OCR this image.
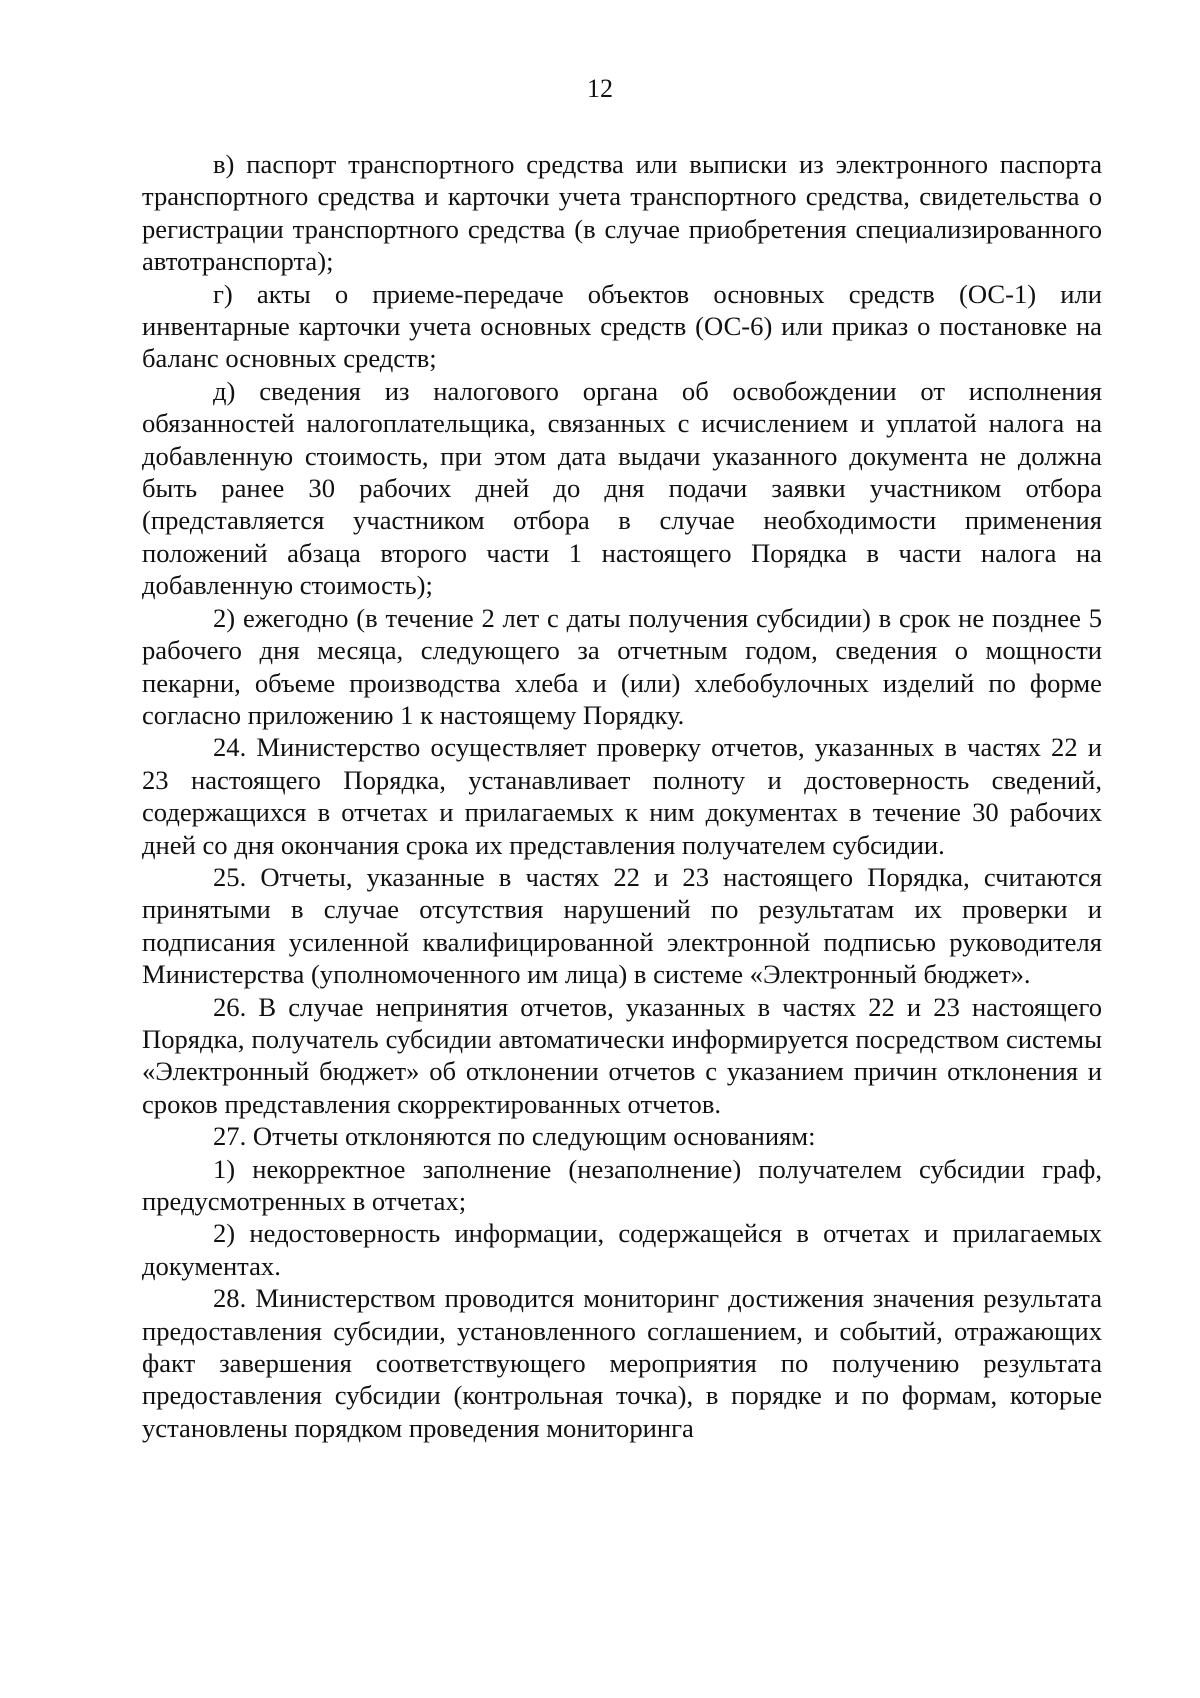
12

в) паспорт транспортного средства или выписки из электронного паспорта транспортного средства и карточки учета транспортного средства, свидетельства о регистрации транспортного средства (в случае приобретения специализированного автотранспорта);

г) акты о приеме-передаче объектов основных средств (ОС-1) или инвентарные карточки учета основных средств (ОС-6) или приказ о постановке на баланс основных средств;

д) сведения из налогового органа об освобождении от исполнения обязанностей налогоплательщика, связанных с исчислением и уплатой налога на добавленную стоимость, при этом дата выдачи указанного документа не должна быть ранее 30 рабочих дней до дня подачи заявки участником отбора (представляется участником отбора в случае необходимости применения положений абзаца второго части 1 настоящего Порядка в части налога на добавленную стоимость);

2) ежегодно (в течение 2 лет с даты получения субсидии) в срок не позднее 5 рабочего дня месяца, следующего за отчетным годом, сведения о мощности пекарни, объеме производства хлеба и (или) хлебобулочных изделий по форме согласно приложению 1 к настоящему Порядку.

24. Министерство осуществляет проверку отчетов, указанных в частях 22 и 23 настоящего Порядка, устанавливает полноту и достоверность сведений, содержащихся в отчетах и прилагаемых к ним документах в течение 30 рабочих дней со дня окончания срока их представления получателем субсидии.

25. Отчеты, указанные в частях 22 и 23 настоящего Порядка, считаются принятыми в случае отсутствия нарушений по результатам их проверки и подписания усиленной квалифицированной электронной подписью руководителя Министерства (уполномоченного им лица) в системе «Электронный бюджет».

26. В случае непринятия отчетов, указанных в частях 22 и 23 настоящего Порядка, получатель субсидии автоматически информируется посредством системы «Электронный бюджет» об отклонении отчетов с указанием причин отклонения и сроков представления скорректированных отчетов.

27. Отчеты отклоняются по следующим основаниям:

1) некорректное заполнение (незаполнение) получателем субсидии граф, предусмотренных в отчетах;

2) недостоверность информации, содержащейся в отчетах и прилагаемых документах.

28. Министерством проводится мониторинг достижения значения результата предоставления субсидии, установленного соглашением, и событий, отражающих факт завершения соответствующего мероприятия по получению результата предоставления субсидии (контрольная точка), в порядке и по формам, которые установлены порядком проведения мониторинга
